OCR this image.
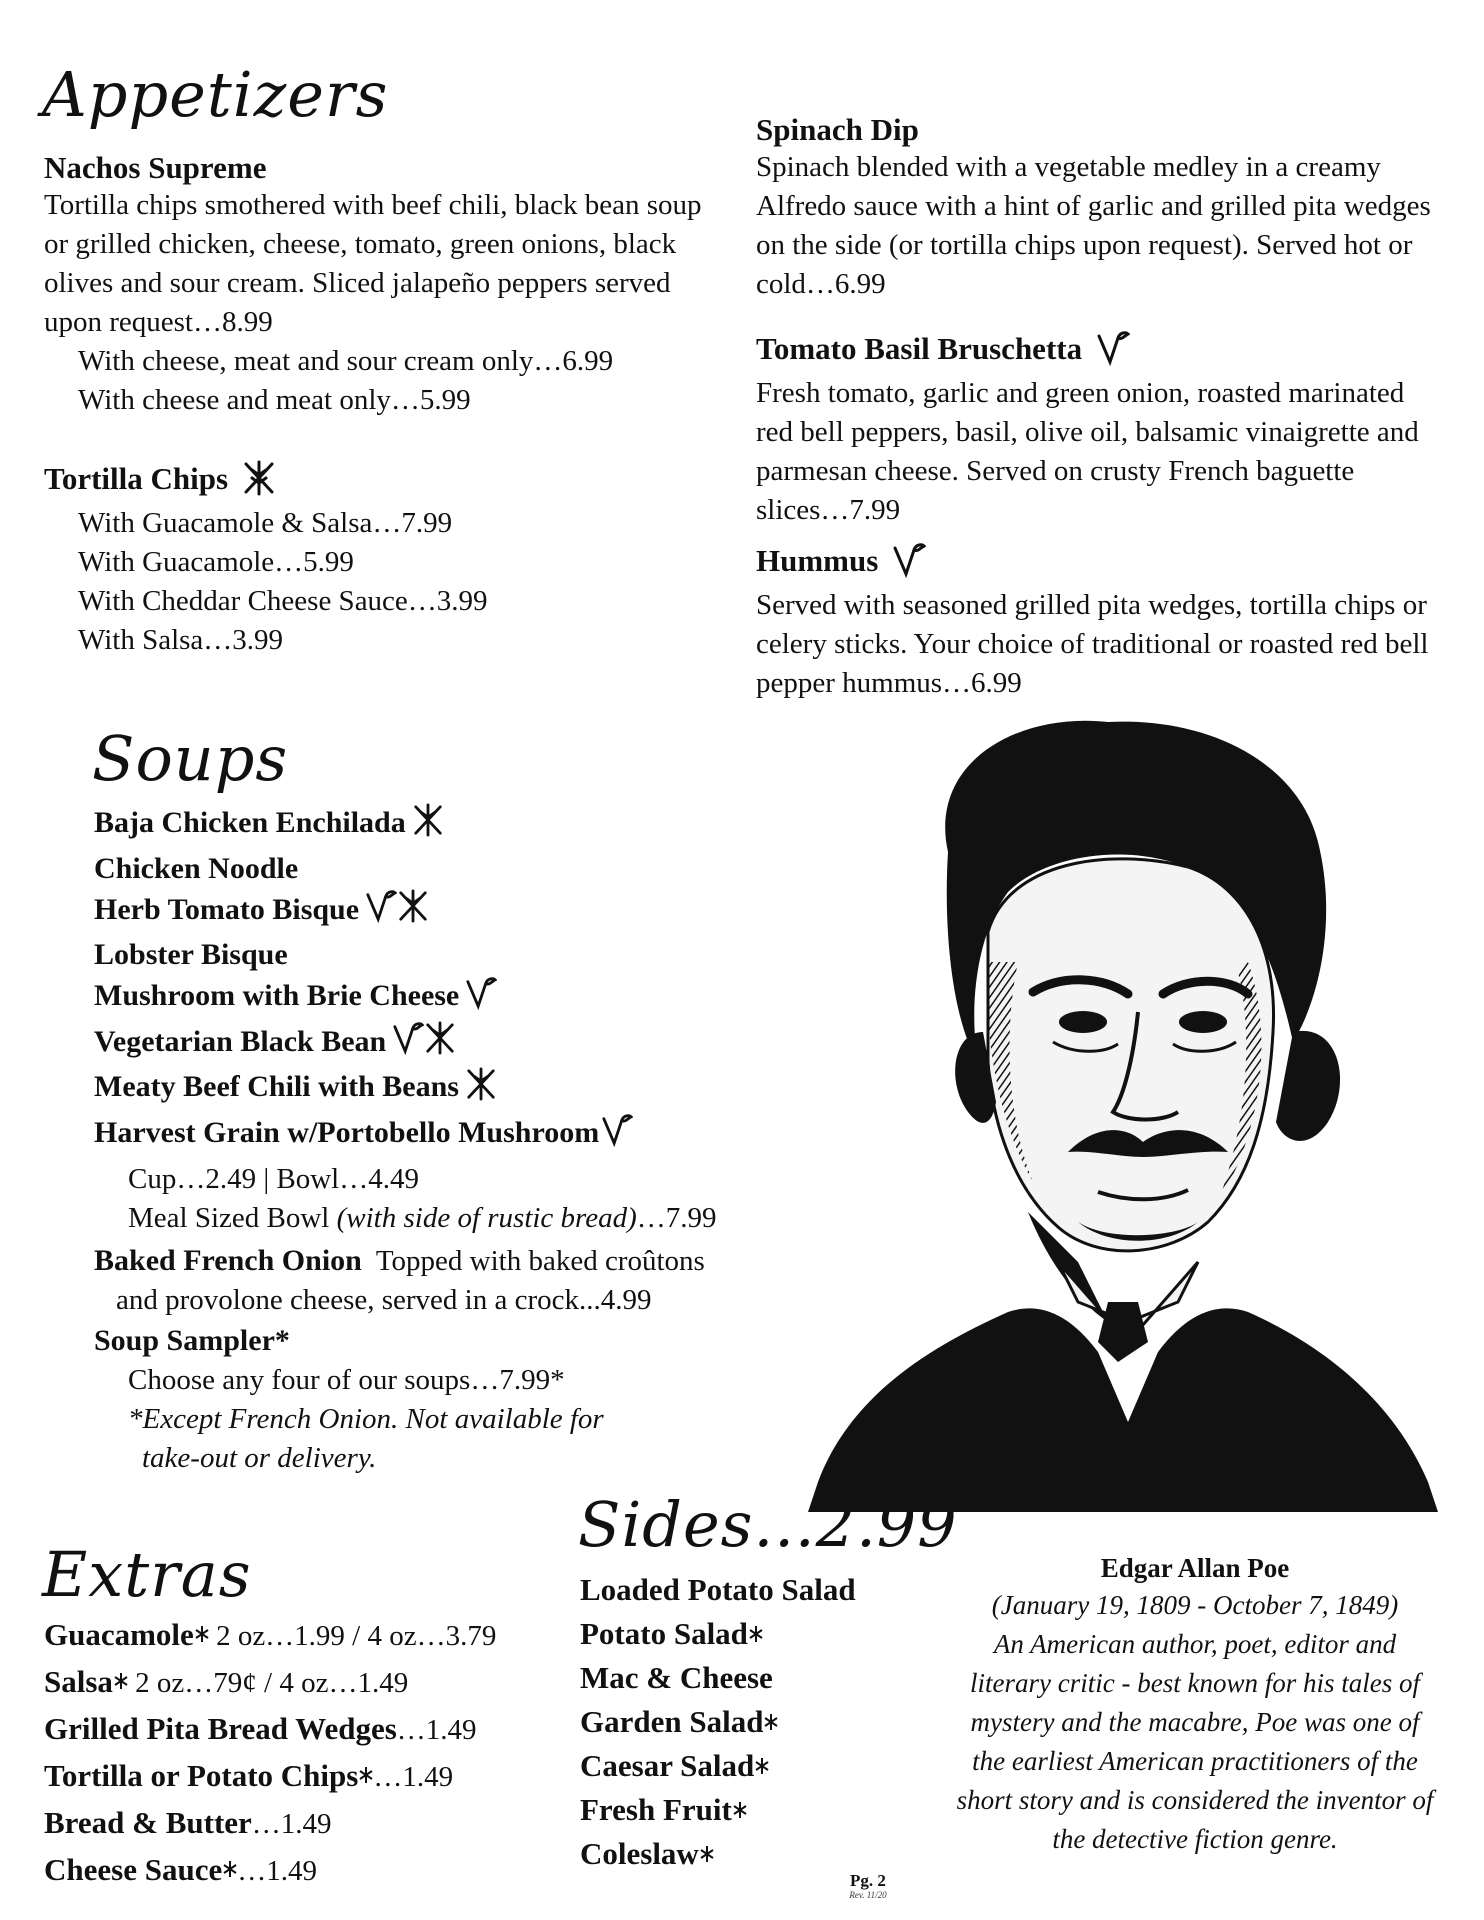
Appetizers
Nachos Supreme
Tortilla chips smothered with beef chili, black bean soup or grilled chicken, cheese, tomato, green onions, black olives and sour cream. Sliced jalapeño peppers served upon request…8.99
With cheese, meat and sour cream only…6.99
With cheese and meat only…5.99
Tortilla Chips
With Guacamole & Salsa…7.99
With Guacamole…5.99
With Cheddar Cheese Sauce…3.99
With Salsa…3.99
Spinach Dip
Spinach blended with a vegetable medley in a creamy Alfredo sauce with a hint of garlic and grilled pita wedges on the side (or tortilla chips upon request). Served hot or cold…6.99
Tomato Basil Bruschetta
Fresh tomato, garlic and green onion, roasted marinated red bell peppers, basil, olive oil, balsamic vinaigrette and parmesan cheese. Served on crusty French baguette slices…7.99
Hummus
Served with seasoned grilled pita wedges, tortilla chips or celery sticks. Your choice of traditional or roasted red bell pepper hummus…6.99
Soups
Baja Chicken Enchilada
Chicken Noodle
Herb Tomato Bisque
Lobster Bisque
Mushroom with Brie Cheese
Vegetarian Black Bean
Meaty Beef Chili with Beans
Harvest Grain w/Portobello Mushroom
Cup…2.49 | Bowl…4.49
Meal Sized Bowl (with side of rustic bread)…7.99
Baked French Onion Topped with baked croûtons
and provolone cheese, served in a crock...4.99
Soup Sampler*
Choose any four of our soups…7.99*
*Except French Onion. Not available for
take-out or delivery.
Extras
Guacamole 2 oz…1.99 / 4 oz…3.79
Salsa 2 oz…79¢ / 4 oz…1.49
Grilled Pita Bread Wedges…1.49
Tortilla or Potato Chips …1.49
Bread & Butter…1.49
Cheese Sauce …1.49
Sides...2.99
Loaded Potato Salad
Potato Salad
Mac & Cheese
Garden Salad
Caesar Salad
Fresh Fruit
Coleslaw
Pg. 2
Rev. 11/20
Edgar Allan Poe
(January 19, 1809 - October 7, 1849)
An American author, poet, editor and
literary critic - best known for his tales of
mystery and the macabre, Poe was one of
the earliest American practitioners of the
short story and is considered the inventor of
the detective fiction genre.
